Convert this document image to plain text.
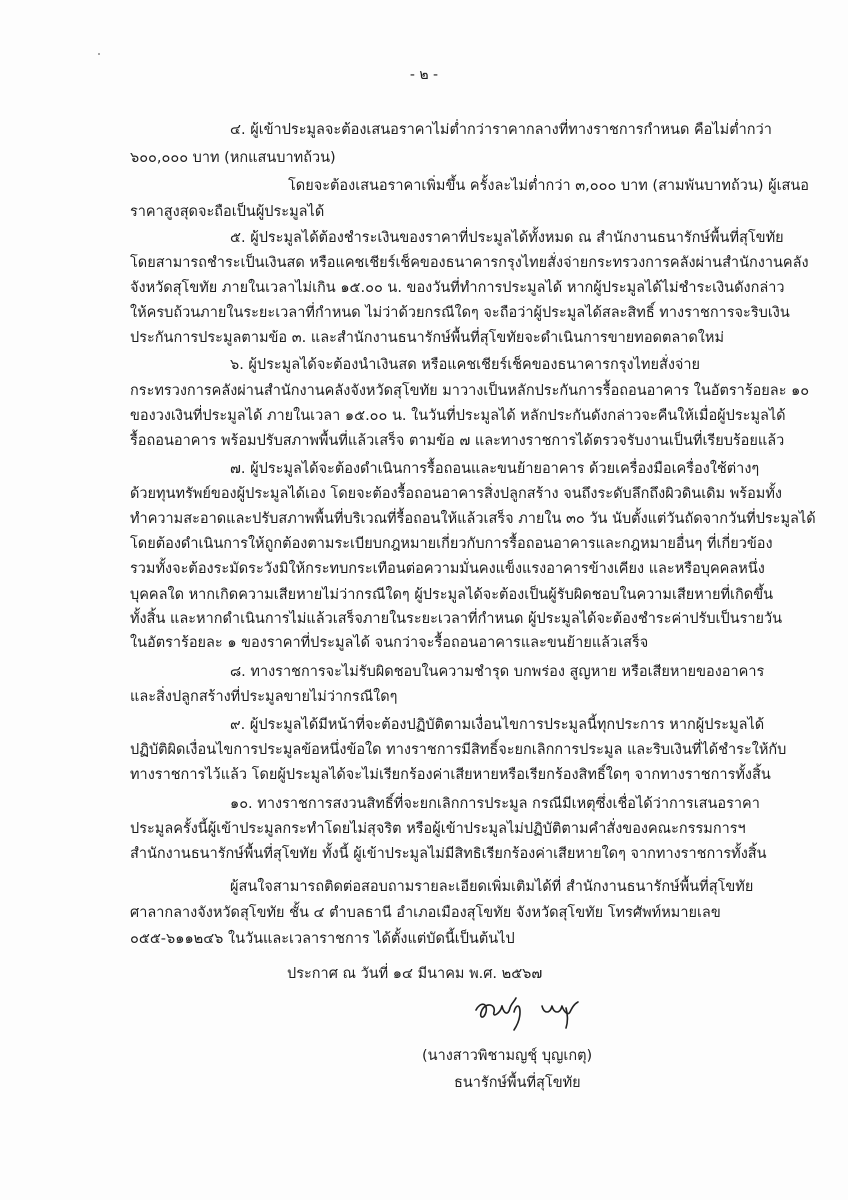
- ๒ -
๔. ผู้เข้าประมูลจะต้องเสนอราคาไม่ต่ำกว่าราคากลางที่ทางราชการกำหนด คือไม่ต่ำกว่า
๖๐๐,๐๐๐ บาท (หกแสนบาทถ้วน)
โดยจะต้องเสนอราคาเพิ่มขึ้น ครั้งละไม่ต่ำกว่า ๓,๐๐๐ บาท (สามพันบาทถ้วน) ผู้เสนอ
ราคาสูงสุดจะถือเป็นผู้ประมูลได้
๕. ผู้ประมูลได้ต้องชำระเงินของราคาที่ประมูลได้ทั้งหมด ณ สำนักงานธนารักษ์พื้นที่สุโขทัย
โดยสามารถชำระเป็นเงินสด หรือแคชเชียร์เช็คของธนาคารกรุงไทยสั่งจ่ายกระทรวงการคลังผ่านสำนักงานคลัง
จังหวัดสุโขทัย ภายในเวลาไม่เกิน ๑๕.๐๐ น. ของวันที่ทำการประมูลได้ หากผู้ประมูลได้ไม่ชำระเงินดังกล่าว
ให้ครบถ้วนภายในระยะเวลาที่กำหนด ไม่ว่าด้วยกรณีใดๆ จะถือว่าผู้ประมูลได้สละสิทธิ์ ทางราชการจะริบเงิน
ประกันการประมูลตามข้อ ๓. และสำนักงานธนารักษ์พื้นที่สุโขทัยจะดำเนินการขายทอดตลาดใหม่
๖. ผู้ประมูลได้จะต้องนำเงินสด หรือแคชเชียร์เช็คของธนาคารกรุงไทยสั่งจ่าย
กระทรวงการคลังผ่านสำนักงานคลังจังหวัดสุโขทัย มาวางเป็นหลักประกันการรื้อถอนอาคาร ในอัตราร้อยละ ๑๐
ของวงเงินที่ประมูลได้ ภายในเวลา ๑๕.๐๐ น. ในวันที่ประมูลได้ หลักประกันดังกล่าวจะคืนให้เมื่อผู้ประมูลได้
รื้อถอนอาคาร พร้อมปรับสภาพพื้นที่แล้วเสร็จ ตามข้อ ๗ และทางราชการได้ตรวจรับงานเป็นที่เรียบร้อยแล้ว
๗. ผู้ประมูลได้จะต้องดำเนินการรื้อถอนและขนย้ายอาคาร ด้วยเครื่องมือเครื่องใช้ต่างๆ
ด้วยทุนทรัพย์ของผู้ประมูลได้เอง โดยจะต้องรื้อถอนอาคารสิ่งปลูกสร้าง จนถึงระดับลึกถึงผิวดินเดิม พร้อมทั้ง
ทำความสะอาดและปรับสภาพพื้นที่บริเวณที่รื้อถอนให้แล้วเสร็จ ภายใน ๓๐ วัน นับตั้งแต่วันถัดจากวันที่ประมูลได้
โดยต้องดำเนินการให้ถูกต้องตามระเบียบกฎหมายเกี่ยวกับการรื้อถอนอาคารและกฎหมายอื่นๆ ที่เกี่ยวข้อง
รวมทั้งจะต้องระมัดระวังมิให้กระทบกระเทือนต่อความมั่นคงแข็งแรงอาคารข้างเคียง และหรือบุคคลหนึ่ง
บุคคลใด หากเกิดความเสียหายไม่ว่ากรณีใดๆ ผู้ประมูลได้จะต้องเป็นผู้รับผิดชอบในความเสียหายที่เกิดขึ้น
ทั้งสิ้น และหากดำเนินการไม่แล้วเสร็จภายในระยะเวลาที่กำหนด ผู้ประมูลได้จะต้องชำระค่าปรับเป็นรายวัน
ในอัตราร้อยละ ๑ ของราคาที่ประมูลได้ จนกว่าจะรื้อถอนอาคารและขนย้ายแล้วเสร็จ
๘. ทางราชการจะไม่รับผิดชอบในความชำรุด บกพร่อง สูญหาย หรือเสียหายของอาคาร
และสิ่งปลูกสร้างที่ประมูลขายไม่ว่ากรณีใดๆ
๙. ผู้ประมูลได้มีหน้าที่จะต้องปฏิบัติตามเงื่อนไขการประมูลนี้ทุกประการ หากผู้ประมูลได้
ปฏิบัติผิดเงื่อนไขการประมูลข้อหนึ่งข้อใด ทางราชการมีสิทธิ์จะยกเลิกการประมูล และริบเงินที่ได้ชำระให้กับ
ทางราชการไว้แล้ว โดยผู้ประมูลได้จะไม่เรียกร้องค่าเสียหายหรือเรียกร้องสิทธิ์ใดๆ จากทางราชการทั้งสิ้น
๑๐. ทางราชการสงวนสิทธิ์ที่จะยกเลิกการประมูล กรณีมีเหตุซึ่งเชื่อได้ว่าการเสนอราคา
ประมูลครั้งนี้ผู้เข้าประมูลกระทำโดยไม่สุจริต หรือผู้เข้าประมูลไม่ปฏิบัติตามคำสั่งของคณะกรรมการฯ
สำนักงานธนารักษ์พื้นที่สุโขทัย ทั้งนี้ ผู้เข้าประมูลไม่มีสิทธิเรียกร้องค่าเสียหายใดๆ จากทางราชการทั้งสิ้น
ผู้สนใจสามารถติดต่อสอบถามรายละเอียดเพิ่มเติมได้ที่ สำนักงานธนารักษ์พื้นที่สุโขทัย
ศาลากลางจังหวัดสุโขทัย ชั้น ๔ ตำบลธานี อำเภอเมืองสุโขทัย จังหวัดสุโขทัย โทรศัพท์หมายเลข
๐๕๕-๖๑๑๒๔๖ ในวันและเวลาราชการ ได้ตั้งแต่บัดนี้เป็นต้นไป
ประกาศ ณ วันที่ ๑๔ มีนาคม พ.ศ. ๒๕๖๗
(นางสาวพิชามญชุ์ บุญเกตุ)
ธนารักษ์พื้นที่สุโขทัย
